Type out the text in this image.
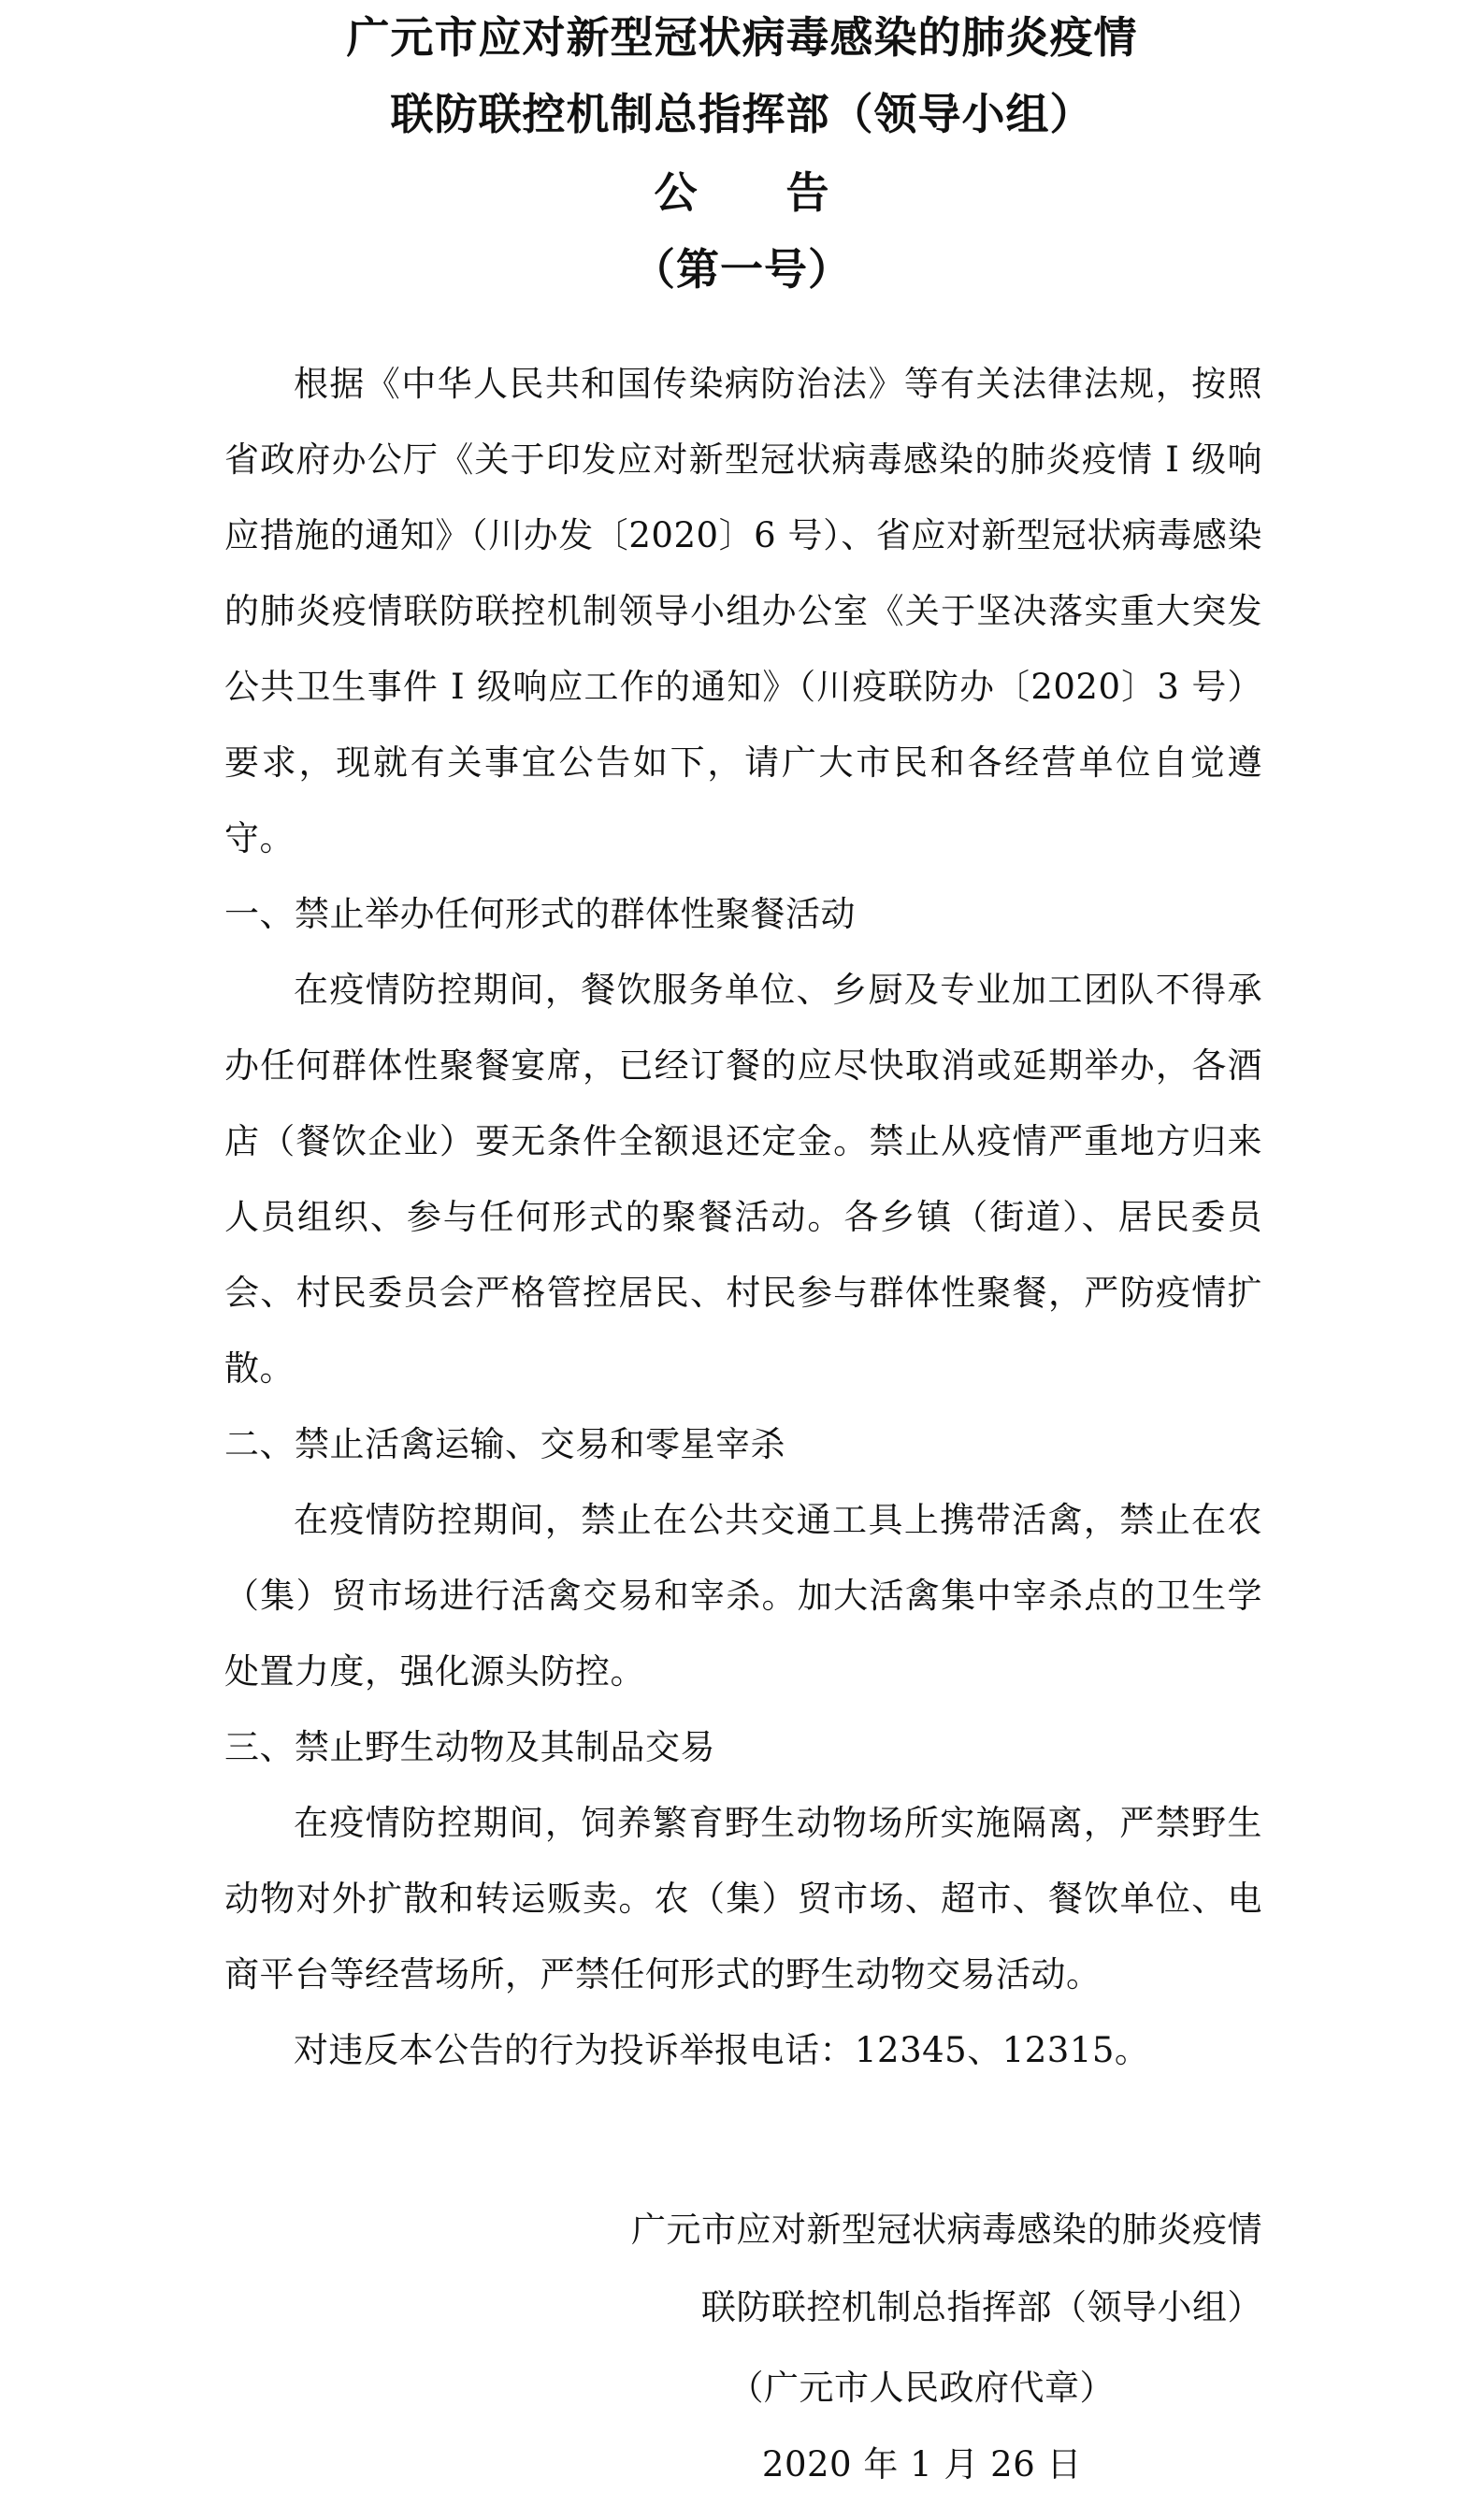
广元市应对新型冠状病毒感染的肺炎疫情
联防联控机制总指挥部（领导小组）
公　　告
（第一号）

根据《中华人民共和国传染病防治法》等有关法律法规，按照省政府办公厅《关于印发应对新型冠状病毒感染的肺炎疫情 I 级响应措施的通知》（川办发〔2020〕6 号）、省应对新型冠状病毒感染的肺炎疫情联防联控机制领导小组办公室《关于坚决落实重大突发公共卫生事件 I 级响应工作的通知》（川疫联防办〔2020〕3 号）要求，现就有关事宜公告如下，请广大市民和各经营单位自觉遵守。

一、禁止举办任何形式的群体性聚餐活动

在疫情防控期间，餐饮服务单位、乡厨及专业加工团队不得承办任何群体性聚餐宴席，已经订餐的应尽快取消或延期举办，各酒店（餐饮企业）要无条件全额退还定金。禁止从疫情严重地方归来人员组织、参与任何形式的聚餐活动。各乡镇（街道）、居民委员会、村民委员会严格管控居民、村民参与群体性聚餐，严防疫情扩散。

二、禁止活禽运输、交易和零星宰杀

在疫情防控期间，禁止在公共交通工具上携带活禽，禁止在农（集）贸市场进行活禽交易和宰杀。加大活禽集中宰杀点的卫生学处置力度，强化源头防控。

三、禁止野生动物及其制品交易

在疫情防控期间，饲养繁育野生动物场所实施隔离，严禁野生动物对外扩散和转运贩卖。农（集）贸市场、超市、餐饮单位、电商平台等经营场所，严禁任何形式的野生动物交易活动。

对违反本公告的行为投诉举报电话：12345、12315。

广元市应对新型冠状病毒感染的肺炎疫情

联防联控机制总指挥部（领导小组）

（广元市人民政府代章）

2020 年 1 月 26 日
